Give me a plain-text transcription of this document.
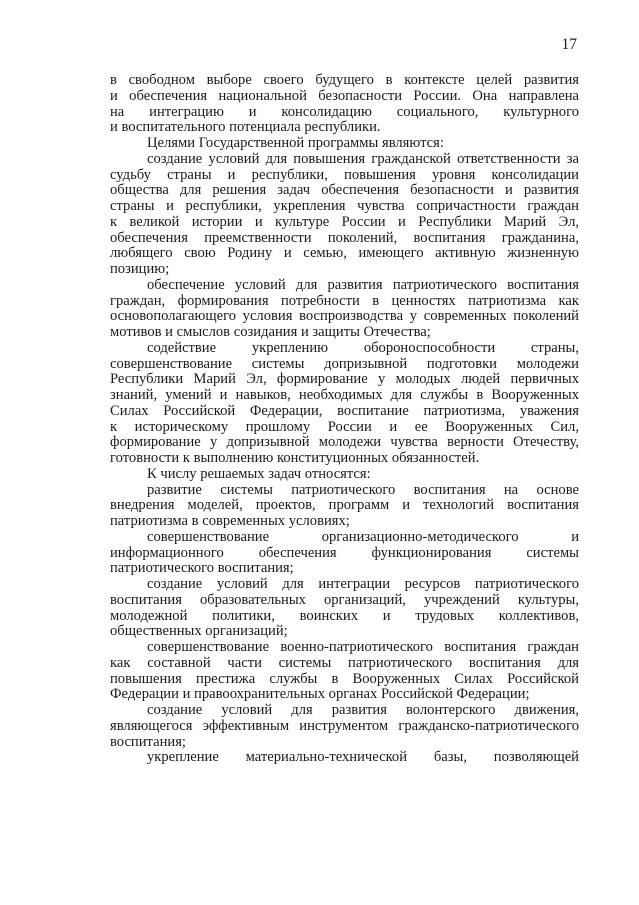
17
в свободном выборе своего будущего в контексте целей развития
и обеспечения национальной безопасности России. Она направлена
на интеграцию и консолидацию социального, культурного
и воспитательного потенциала республики.
Целями Государственной программы являются:
создание условий для повышения гражданской ответственности за
судьбу страны и республики, повышения уровня консолидации
общества для решения задач обеспечения безопасности и развития
страны и республики, укрепления чувства сопричастности граждан
к великой истории и культуре России и Республики Марий Эл,
обеспечения преемственности поколений, воспитания гражданина,
любящего свою Родину и семью, имеющего активную жизненную
позицию;
обеспечение условий для развития патриотического воспитания
граждан, формирования потребности в ценностях патриотизма как
основополагающего условия воспроизводства у современных поколений
мотивов и смыслов созидания и защиты Отечества;
содействие укреплению обороноспособности страны,
совершенствование системы допризывной подготовки молодежи
Республики Марий Эл, формирование у молодых людей первичных
знаний, умений и навыков, необходимых для службы в Вооруженных
Силах Российской Федерации, воспитание патриотизма, уважения
к историческому прошлому России и ее Вооруженных Сил,
формирование у допризывной молодежи чувства верности Отечеству,
готовности к выполнению конституционных обязанностей.
К числу решаемых задач относятся:
развитие системы патриотического воспитания на основе
внедрения моделей, проектов, программ и технологий воспитания
патриотизма в современных условиях;
совершенствование организационно-методического и
информационного обеспечения функционирования системы
патриотического воспитания;
создание условий для интеграции ресурсов патриотического
воспитания образовательных организаций, учреждений культуры,
молодежной политики, воинских и трудовых коллективов,
общественных организаций;
совершенствование военно-патриотического воспитания граждан
как составной части системы патриотического воспитания для
повышения престижа службы в Вооруженных Силах Российской
Федерации и правоохранительных органах Российской Федерации;
создание условий для развития волонтерского движения,
являющегося эффективным инструментом гражданско-патриотического
воспитания;
укрепление материально-технической базы, позволяющей
